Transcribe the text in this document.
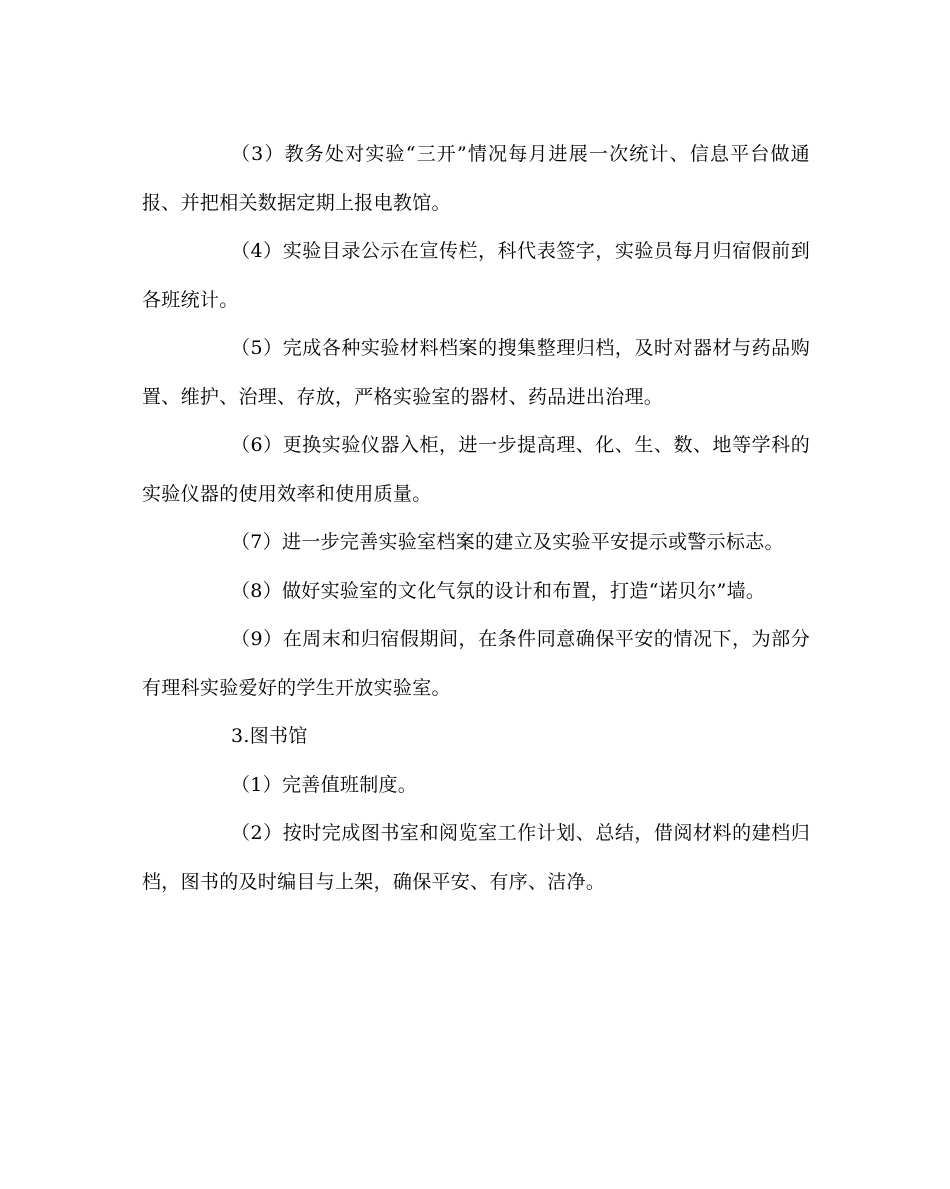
（3）教务处对实验“三开”情况每月进展一次统计、信息平台做通报、并把相关数据定期上报电教馆。

（4）实验目录公示在宣传栏，科代表签字，实验员每月归宿假前到各班统计。

（5）完成各种实验材料档案的搜集整理归档，及时对器材与药品购置、维护、治理、存放，严格实验室的器材、药品进出治理。

（6）更换实验仪器入柜，进一步提高理、化、生、数、地等学科的实验仪器的使用效率和使用质量。

（7）进一步完善实验室档案的建立及实验平安提示或警示标志。

（8）做好实验室的文化气氛的设计和布置，打造“诺贝尔”墙。

（9）在周末和归宿假期间，在条件同意确保平安的情况下，为部分有理科实验爱好的学生开放实验室。

3.图书馆

（1）完善值班制度。

（2）按时完成图书室和阅览室工作计划、总结，借阅材料的建档归档，图书的及时编目与上架，确保平安、有序、洁净。
